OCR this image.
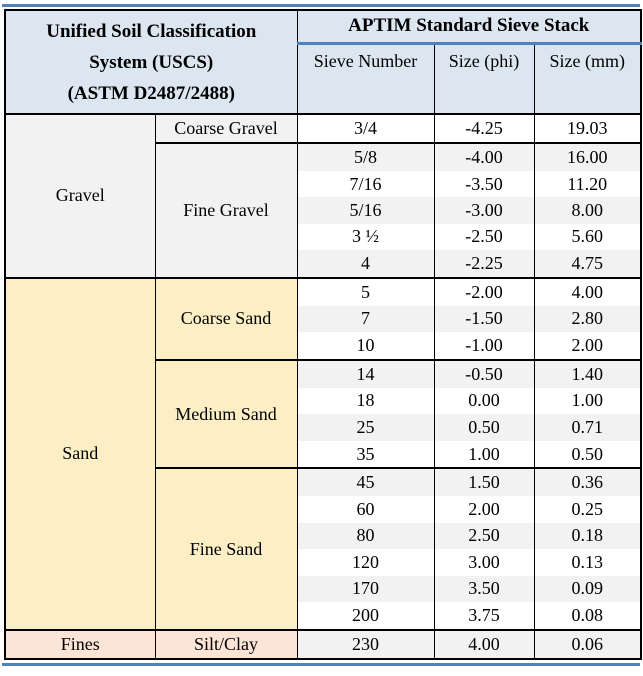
Unified Soil Classification
System (USCS)
(ASTM D2487/2488)		APTIM Standard Sieve Stack		
		Sieve Number	Size (phi)	Size (mm)
Gravel	Coarse Gravel	3/4	-4.25	19.03
	Fine Gravel	5/8	-4.00	16.00
		7/16	-3.50	11.20
		5/16	-3.00	8.00
		3 ½	-2.50	5.60
		4	-2.25	4.75
Sand	Coarse Sand	5	-2.00	4.00
		7	-1.50	2.80
		10	-1.00	2.00
	Medium Sand	14	-0.50	1.40
		18	0.00	1.00
		25	0.50	0.71
		35	1.00	0.50
	Fine Sand	45	1.50	0.36
		60	2.00	0.25
		80	2.50	0.18
		120	3.00	0.13
		170	3.50	0.09
		200	3.75	0.08
Fines	Silt/Clay	230	4.00	0.06
